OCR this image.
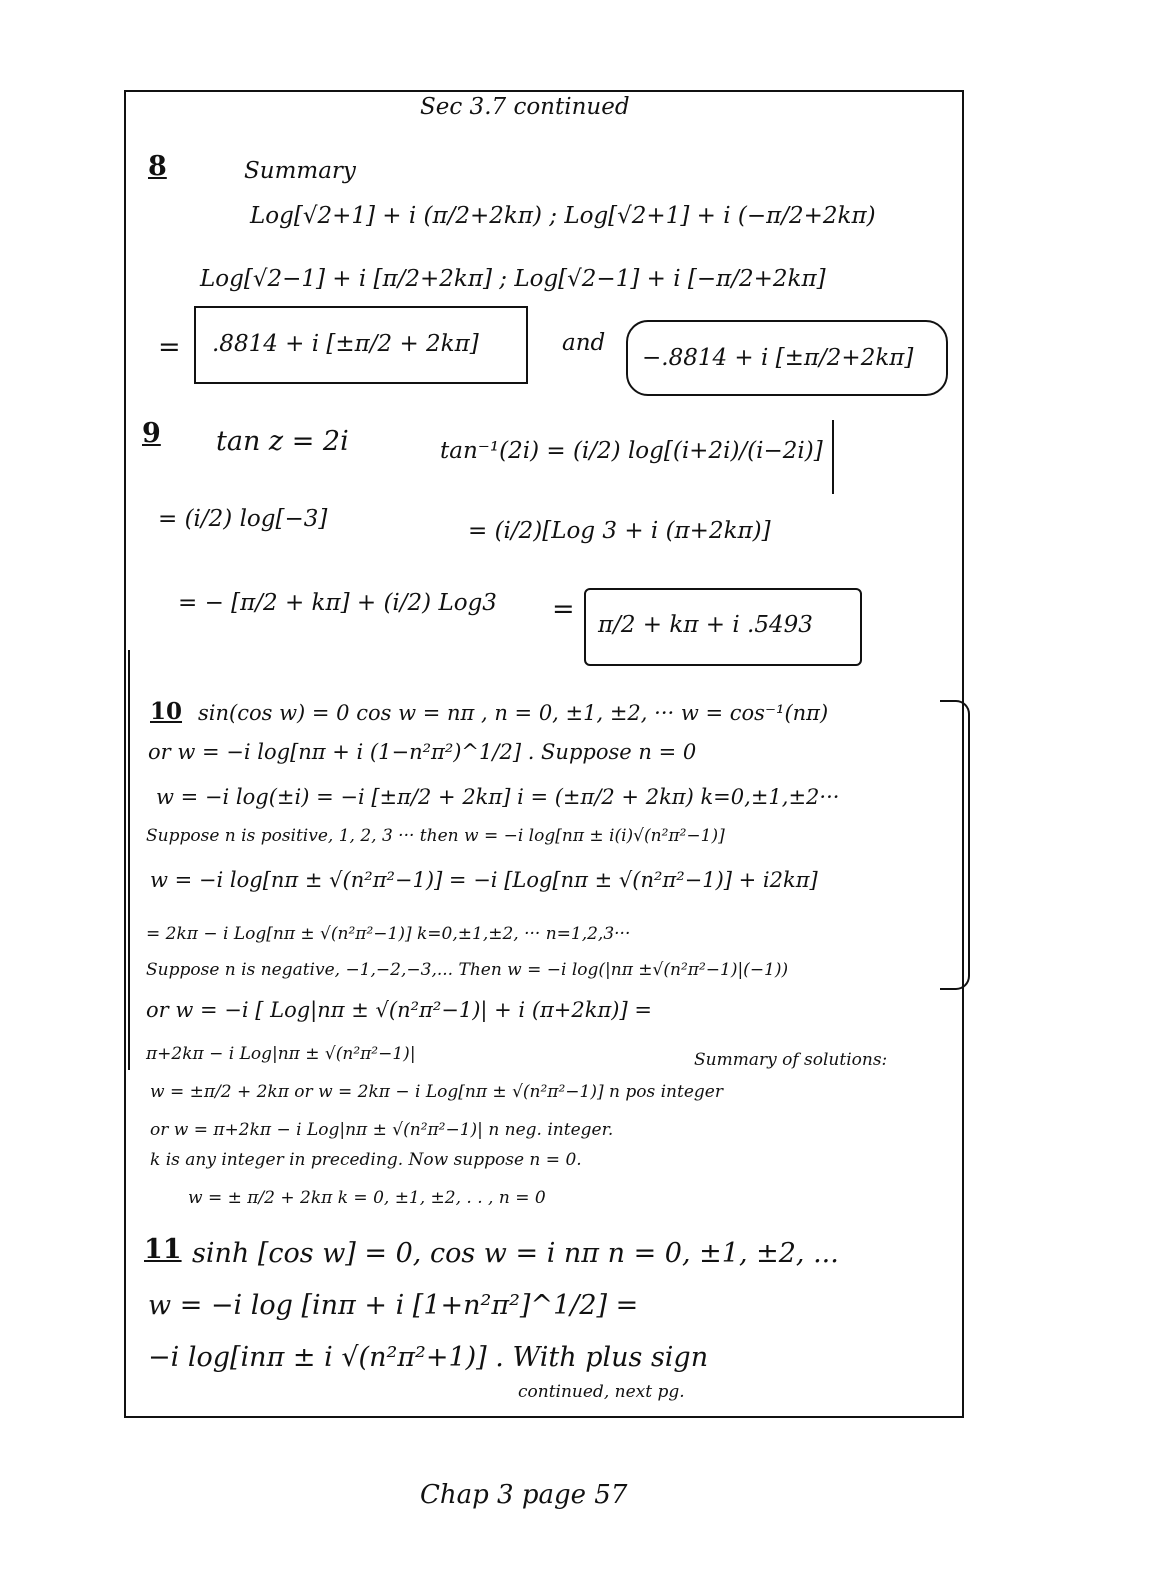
Sec 3.7 continued
8	Summary
Log[√2+1] + i (π/2+2kπ) ; Log[√2+1] + i (−π/2+2kπ)
Log[√2−1] + i [π/2+2kπ] ; Log[√2−1] + i [−π/2+2kπ]
= .8814 + i [±π/2 + 2kπ]	and
−.8814 + i [±π/2+2kπ]
9 tan z = 2i	tan⁻¹(2i) = (i/2) log[(i+2i)/(i−2i)]
= (i/2) log[−3]	= (i/2)[Log 3 + i (π+2kπ)]
= − [π/2 + kπ] + (i/2) Log3 = π/2 + kπ + i .5493
10 sin(cos w) = 0 cos w = nπ , n = 0, ±1, ±2, ··· w = cos⁻¹(nπ)
or w = −i log[nπ + i (1−n²π²)^1/2] . Suppose n = 0
w = −i log(±i) = −i [±π/2 + 2kπ] i = (±π/2 + 2kπ) k=0,±1,±2···
Suppose n is positive, 1, 2, 3 ··· then w = −i log[nπ ± i(i)√(n²π²−1)]
w = −i log[nπ ± √(n²π²−1)] = −i [Log[nπ ± √(n²π²−1)] + i2kπ]
= 2kπ − i Log[nπ ± √(n²π²−1)] k=0,±1,±2, ··· n=1,2,3···
Suppose n is negative, −1,−2,−3,... Then w = −i log(|nπ ±√(n²π²−1)|(−1))
or w = −i [ Log|nπ ± √(n²π²−1)| + i (π+2kπ)] =
π+2kπ − i Log|nπ ± √(n²π²−1)|	Summary of solutions:
w = ±π/2 + 2kπ or w = 2kπ − i Log[nπ ± √(n²π²−1)] n pos integer
or w = π+2kπ − i Log|nπ ± √(n²π²−1)| n neg. integer.
k is any integer in preceding. Now suppose n = 0.
w = ± π/2 + 2kπ k = 0, ±1, ±2, . . , n = 0
11 sinh [cos w] = 0, cos w = i nπ n = 0, ±1, ±2, ...
w = −i log [inπ + i [1+n²π²]^1/2] =
−i log[inπ ± i √(n²π²+1)] . With plus sign
continued, next pg.
Chap 3 page 57
